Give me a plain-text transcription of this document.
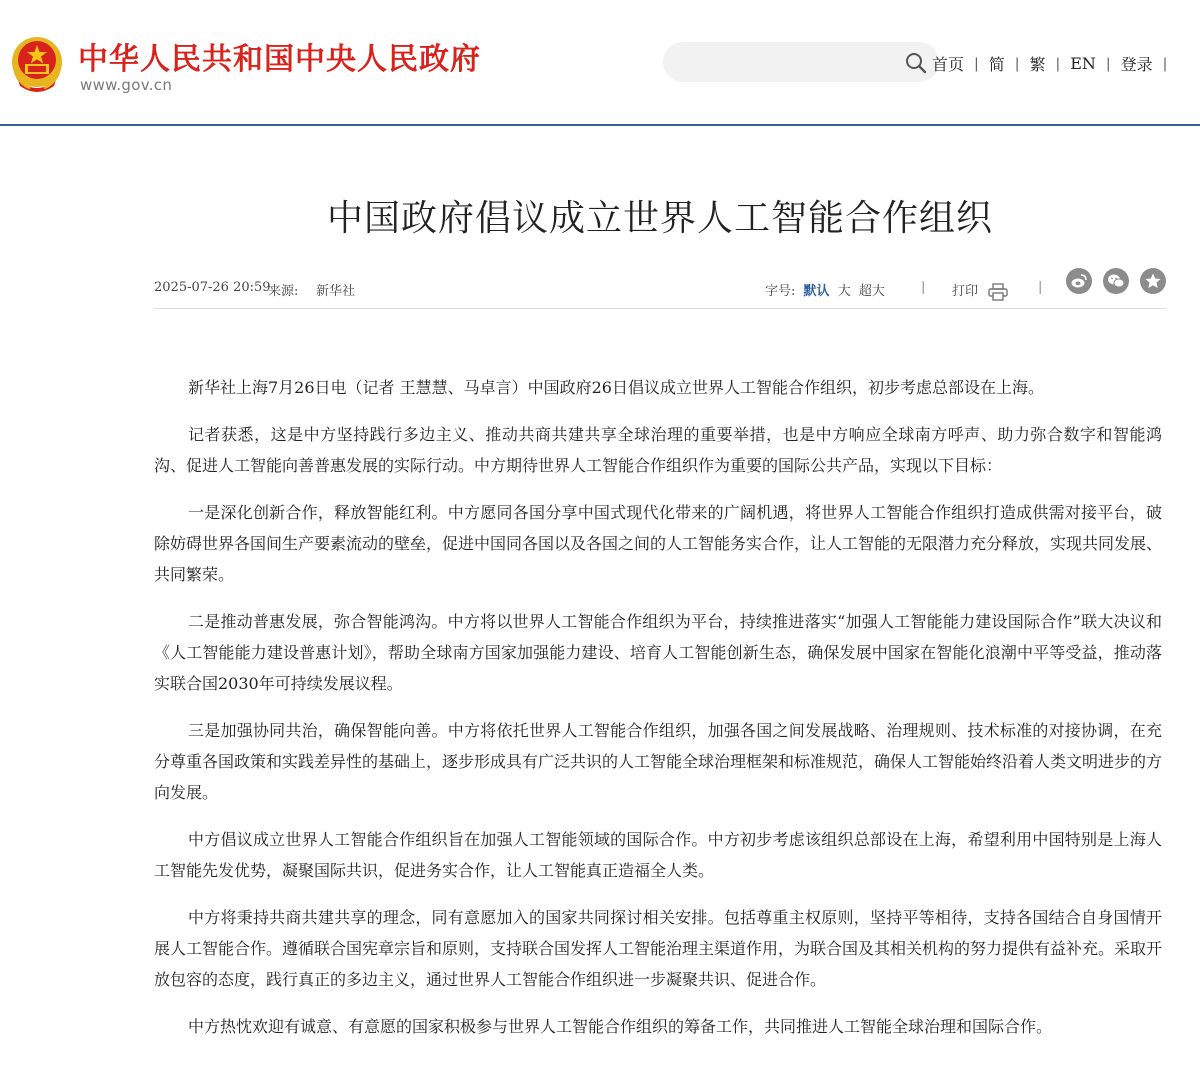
中华人民共和国中央人民政府
www.gov.cn
首页 | 简 | 繁 | EN | 登录 |
中国政府倡议成立世界人工智能合作组织
2025-07-26 20:59
来源: 新华社	字号: 默认 大 超大	| 打印	|

新华社上海7月26日电（记者 王慧慧、马卓言）中国政府26日倡议成立世界人工智能合作组织，初步考虑总部设在上海。

记者获悉，这是中方坚持践行多边主义、推动共商共建共享全球治理的重要举措，也是中方响应全球南方呼声、助力弥合数字和智能鸿沟、促进人工智能向善普惠发展的实际行动。中方期待世界人工智能合作组织作为重要的国际公共产品，实现以下目标：

一是深化创新合作，释放智能红利。中方愿同各国分享中国式现代化带来的广阔机遇，将世界人工智能合作组织打造成供需对接平台，破除妨碍世界各国间生产要素流动的壁垒，促进中国同各国以及各国之间的人工智能务实合作，让人工智能的无限潜力充分释放，实现共同发展、共同繁荣。

二是推动普惠发展，弥合智能鸿沟。中方将以世界人工智能合作组织为平台，持续推进落实“加强人工智能能力建设国际合作”联大决议和《人工智能能力建设普惠计划》，帮助全球南方国家加强能力建设、培育人工智能创新生态，确保发展中国家在智能化浪潮中平等受益，推动落实联合国2030年可持续发展议程。

三是加强协同共治，确保智能向善。中方将依托世界人工智能合作组织，加强各国之间发展战略、治理规则、技术标准的对接协调，在充分尊重各国政策和实践差异性的基础上，逐步形成具有广泛共识的人工智能全球治理框架和标准规范，确保人工智能始终沿着人类文明进步的方向发展。

中方倡议成立世界人工智能合作组织旨在加强人工智能领域的国际合作。中方初步考虑该组织总部设在上海，希望利用中国特别是上海人工智能先发优势，凝聚国际共识，促进务实合作，让人工智能真正造福全人类。

中方将秉持共商共建共享的理念，同有意愿加入的国家共同探讨相关安排。包括尊重主权原则，坚持平等相待，支持各国结合自身国情开展人工智能合作。遵循联合国宪章宗旨和原则，支持联合国发挥人工智能治理主渠道作用，为联合国及其相关机构的努力提供有益补充。采取开放包容的态度，践行真正的多边主义，通过世界人工智能合作组织进一步凝聚共识、促进合作。

中方热忱欢迎有诚意、有意愿的国家积极参与世界人工智能合作组织的筹备工作，共同推进人工智能全球治理和国际合作。
